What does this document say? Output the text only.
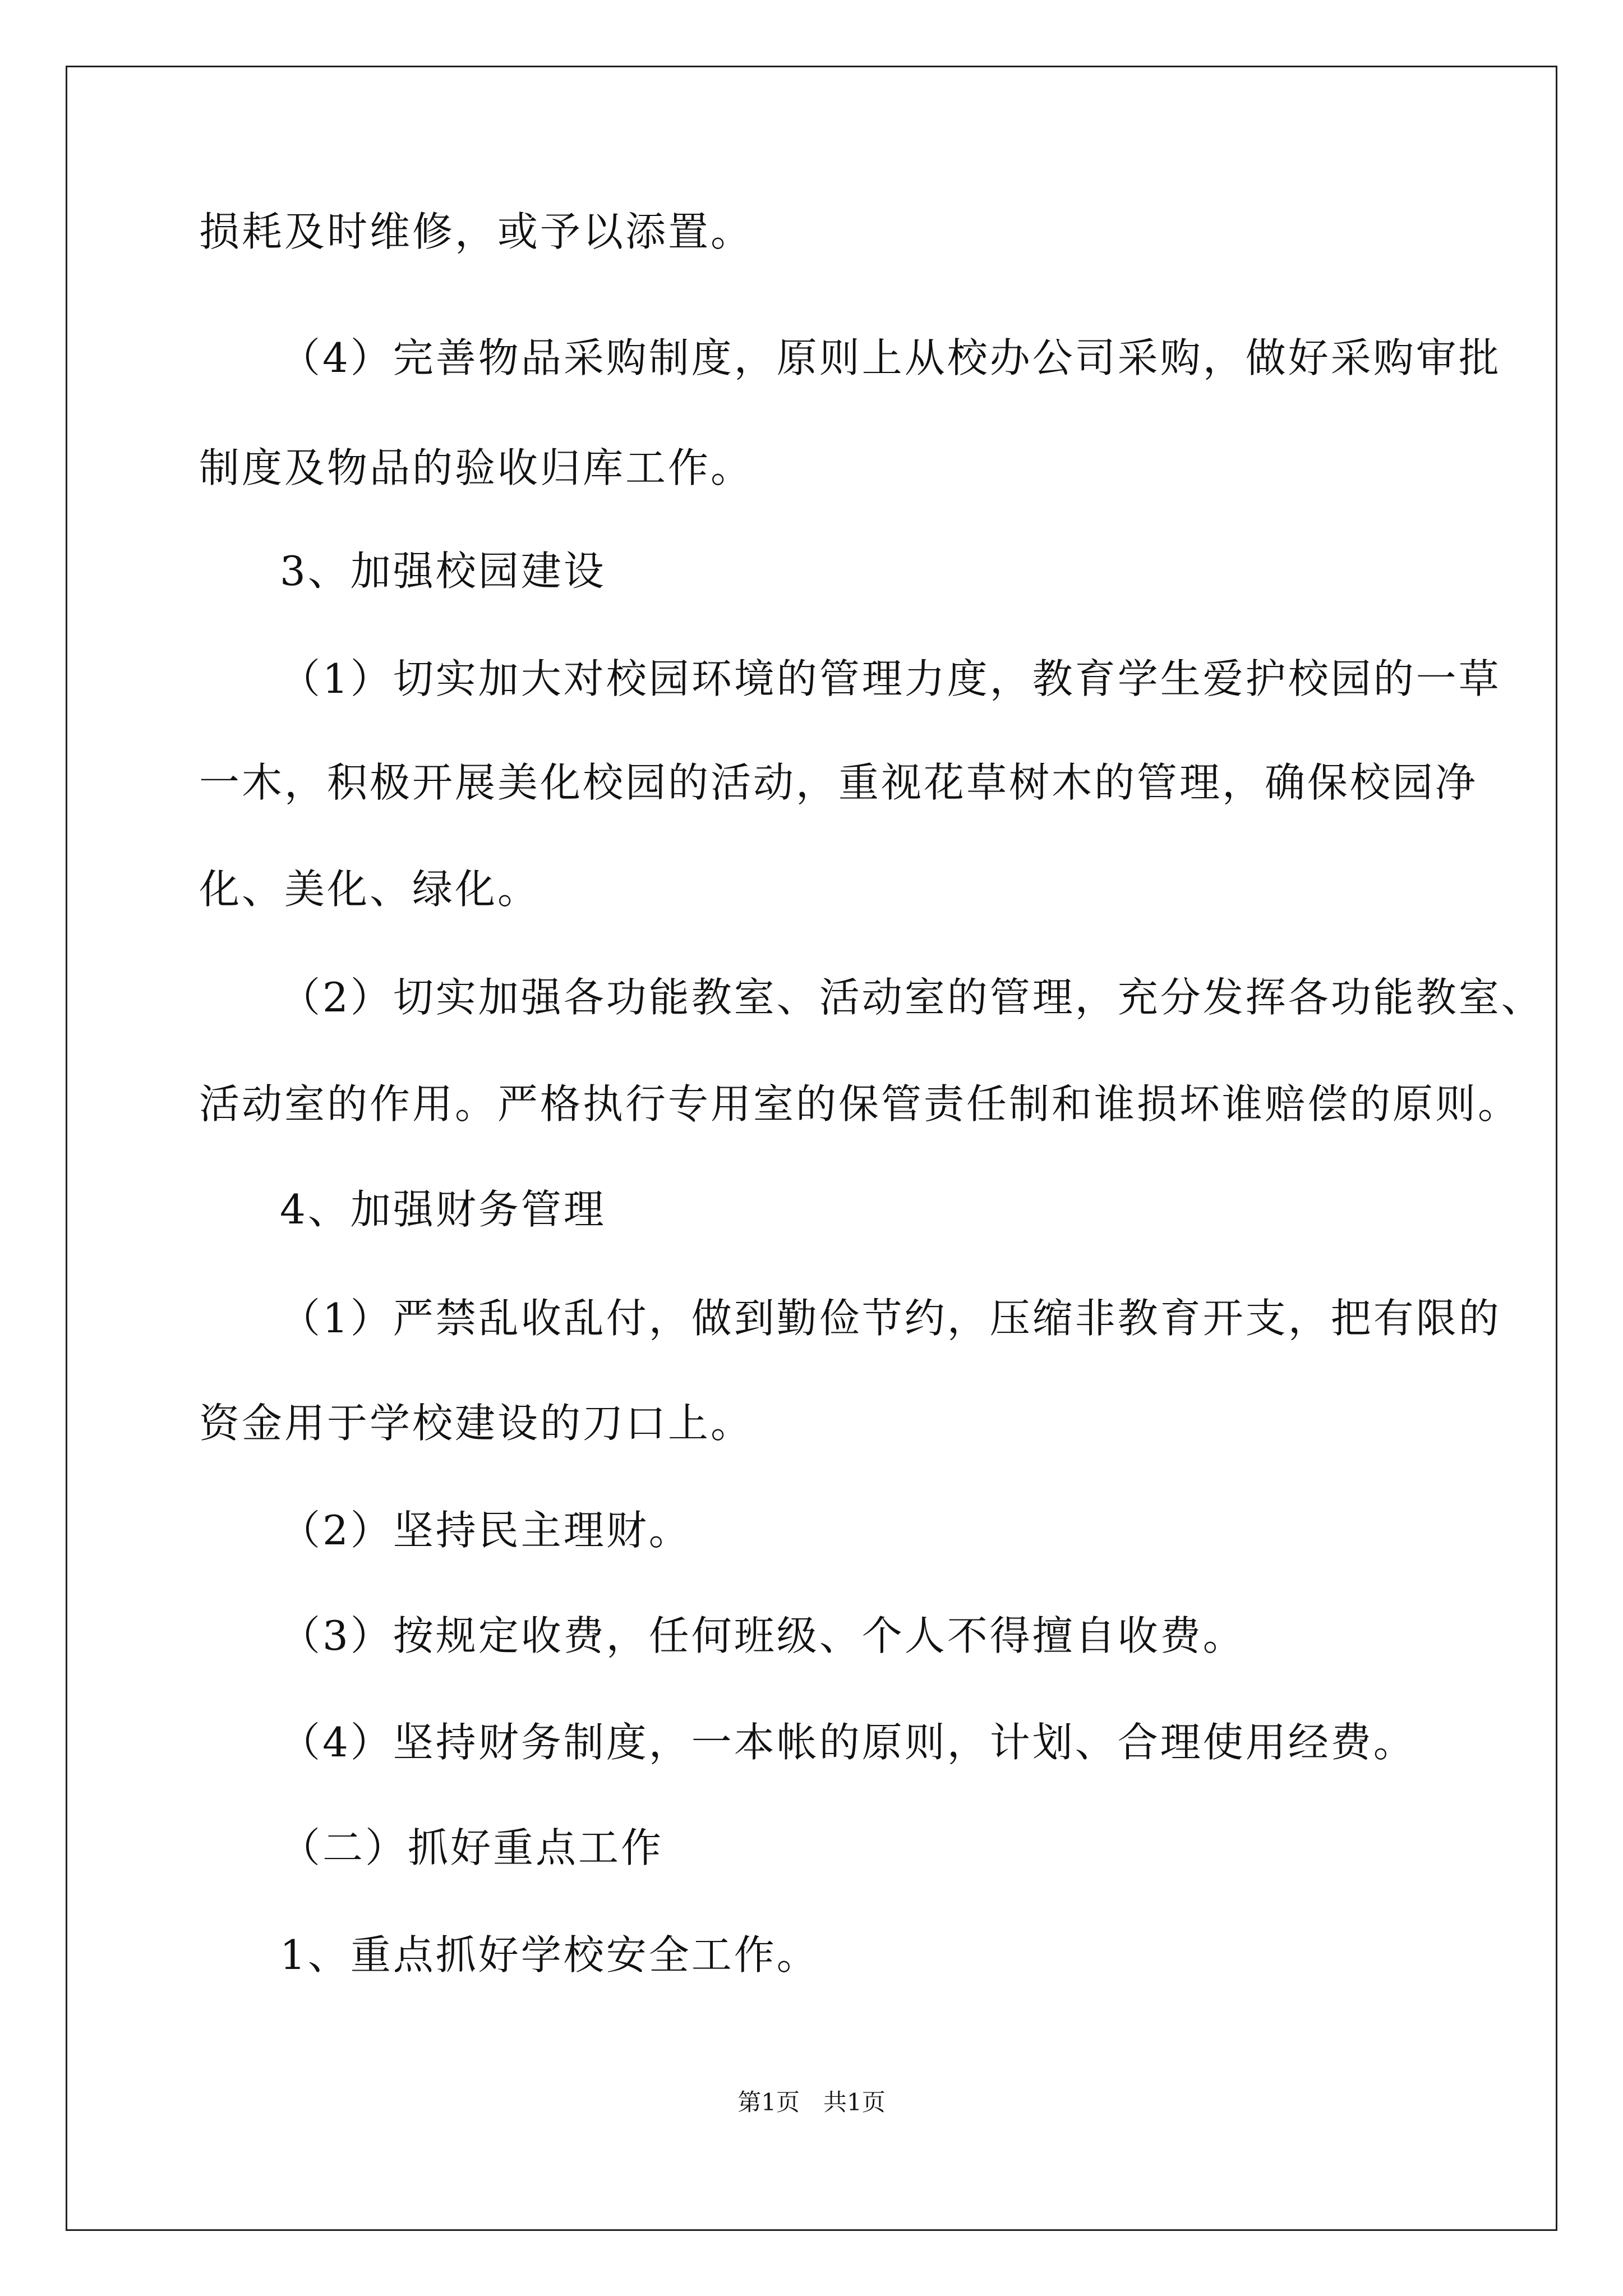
损耗及时维修，或予以添置。
（4）完善物品采购制度，原则上从校办公司采购，做好采购审批
制度及物品的验收归库工作。
3、加强校园建设
（1）切实加大对校园环境的管理力度，教育学生爱护校园的一草
一木，积极开展美化校园的活动，重视花草树木的管理，确保校园净
化、美化、绿化。
（2）切实加强各功能教室、活动室的管理，充分发挥各功能教室、
活动室的作用。严格执行专用室的保管责任制和谁损坏谁赔偿的原则。
4、加强财务管理
（1）严禁乱收乱付，做到勤俭节约，压缩非教育开支，把有限的
资金用于学校建设的刀口上。
（2）坚持民主理财。
（3）按规定收费，任何班级、个人不得擅自收费。
（4）坚持财务制度，一本帐的原则，计划、合理使用经费。
（二）抓好重点工作
1、重点抓好学校安全工作。
第1页　共1页
